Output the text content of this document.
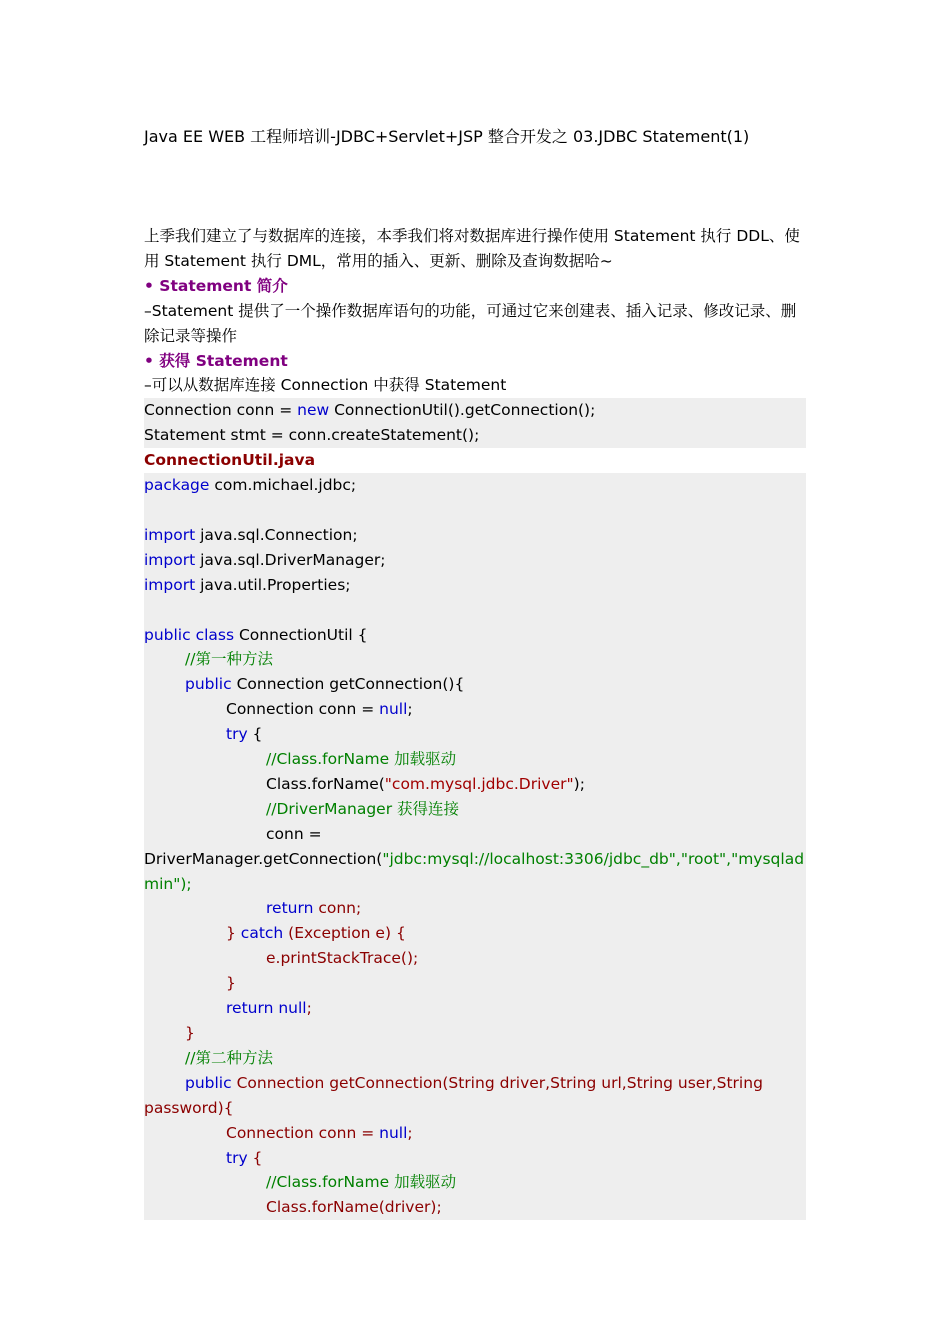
Java EE WEB 工程师培训-JDBC+Servlet+JSP 整合开发之 03.JDBC Statement(1)
上季我们建立了与数据库的连接，本季我们将对数据库进行操作使用 Statement 执行 DDL、使用 Statement 执行 DML，常用的插入、更新、删除及查询数据哈~
• Statement 简介
–Statement 提供了一个操作数据库语句的功能，可通过它来创建表、插入记录、修改记录、删除记录等操作
• 获得 Statement
–可以从数据库连接 Connection 中获得 Statement
Connection conn = new ConnectionUtil().getConnection();
Statement stmt = conn.createStatement();
ConnectionUtil.java
package com.michael.jdbc;

import java.sql.Connection;
import java.sql.DriverManager;
import java.util.Properties;

public class ConnectionUtil {
//第一种方法
public Connection getConnection(){
Connection conn = null;
try {
//Class.forName 加载驱动
Class.forName("com.mysql.jdbc.Driver");
//DriverManager 获得连接
conn =
DriverManager.getConnection("jdbc:mysql://localhost:3306/jdbc_db","root","mysqladmin");
return conn;
} catch (Exception e) {
e.printStackTrace();
}
return null;
}
//第二种方法
public Connection getConnection(String driver,String url,String user,String password){
Connection conn = null;
try {
//Class.forName 加载驱动
Class.forName(driver);
